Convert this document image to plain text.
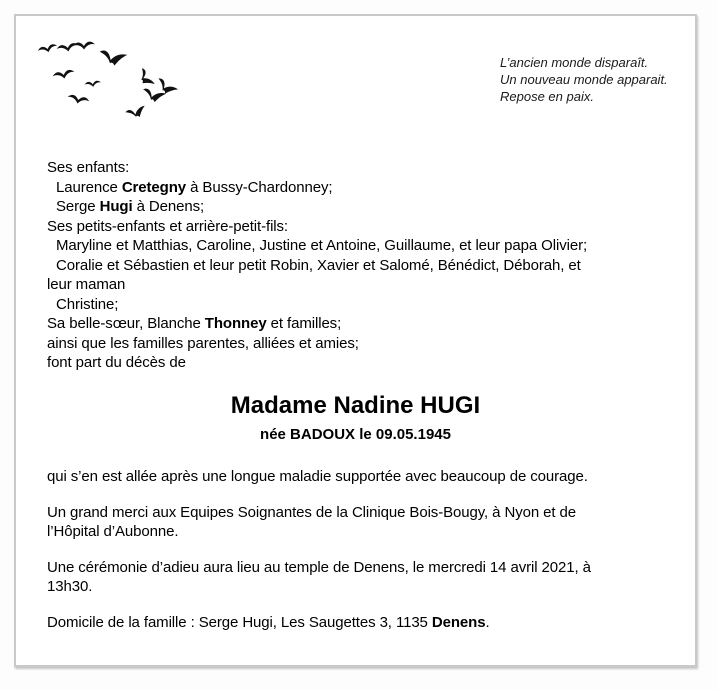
L’ancien monde disparaît.
Un nouveau monde apparait.
Repose en paix.
Ses enfants:
Laurence Cretegny à Bussy-Chardonney;
Serge Hugi à Denens;
Ses petits-enfants et arrière-petit-fils:
Maryline et Matthias, Caroline, Justine et Antoine, Guillaume, et leur papa Olivier;
Coralie et Sébastien et leur petit Robin, Xavier et Salomé, Bénédict, Déborah, et
leur maman
Christine;
Sa belle-sœur, Blanche Thonney et familles;
ainsi que les familles parentes, alliées et amies;
font part du décès de
Madame Nadine HUGI
née BADOUX le 09.05.1945
qui s’en est allée après une longue maladie supportée avec beaucoup de courage.
Un grand merci aux Equipes Soignantes de la Clinique Bois-Bougy, à Nyon et de
l’Hôpital d’Aubonne.
Une cérémonie d’adieu aura lieu au temple de Denens, le mercredi 14 avril 2021, à
13h30.
Domicile de la famille : Serge Hugi, Les Saugettes 3, 1135 Denens.
